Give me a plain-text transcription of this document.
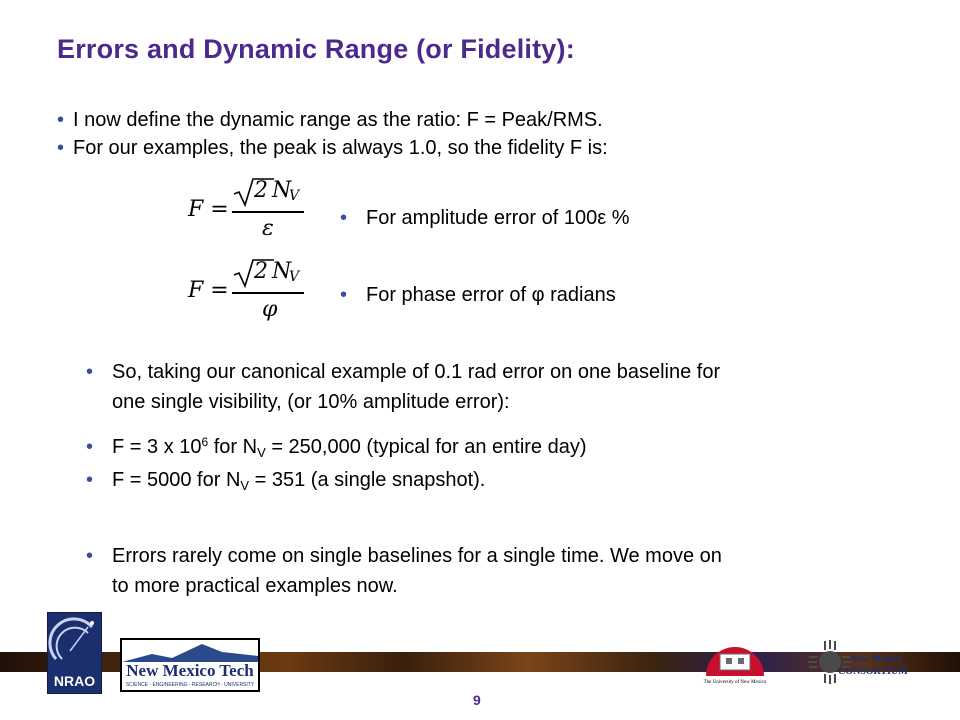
Errors and Dynamic Range (or Fidelity):
• I now define the dynamic range as the ratio: F = Peak/RMS.
• For our examples, the peak is always 1.0, so the fidelity F is:
F =
2 N
V
ε	• For amplitude error of 100ε %
F =
2 N
V
φ
• For phase error of φ radians
• So, taking our canonical example of 0.1 rad error on one baseline for
one single visibility, (or 10% amplitude error):
• F = 3 x $10^6$ for $N_V = 250,000$ (typical for an entire day)
• F = 5000 for $N_V = 351$ (a single snapshot).
• Errors rarely come on single baselines for a single time. We move on
to more practical examples now.
NRAO
New Mexico Tech
SCIENCE · ENGINEERING · RESEARCH · UNIVERSITY	The University of New Mexico
New Mexico
CONSORTIUM
9
